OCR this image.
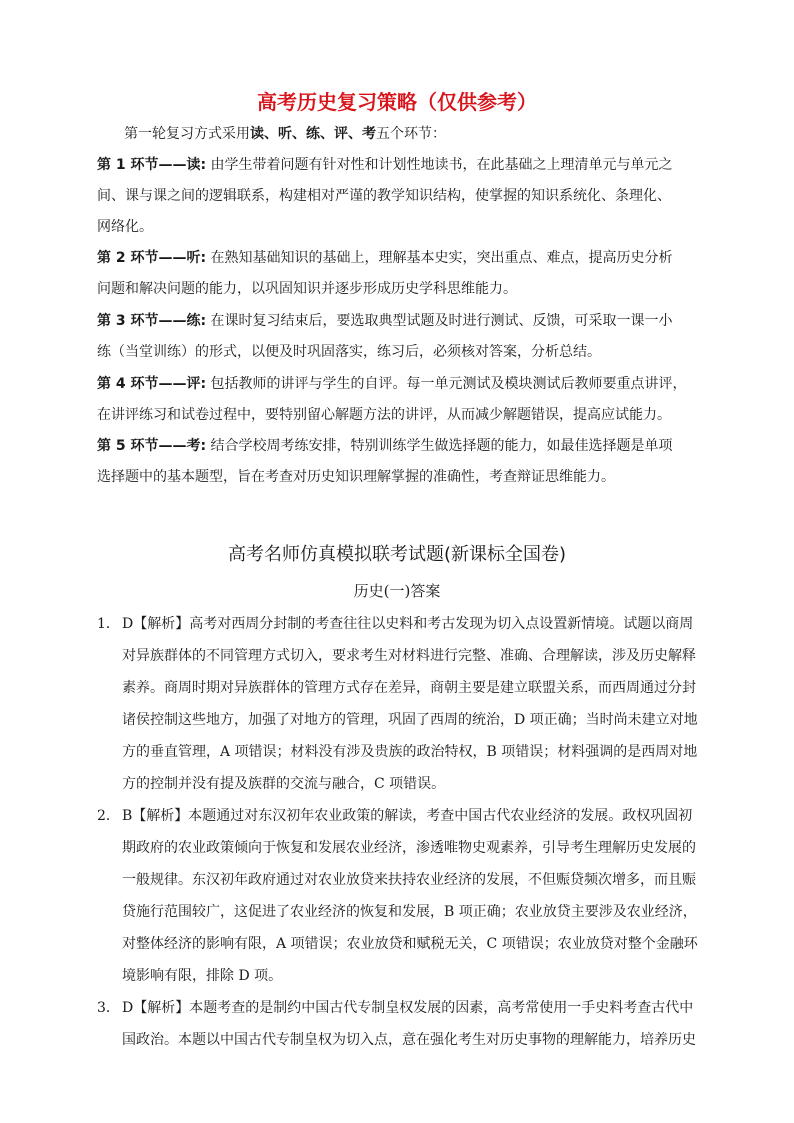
高考历史复习策略（仅供参考）
第一轮复习方式采用读、听、练、评、考五个环节：
第 1 环节——读: 由学生带着问题有针对性和计划性地读书，在此基础之上理清单元与单元之
间、课与课之间的逻辑联系，构建相对严谨的教学知识结构，使掌握的知识系统化、条理化、
网络化。
第 2 环节——听: 在熟知基础知识的基础上，理解基本史实，突出重点、难点，提高历史分析
问题和解决问题的能力，以巩固知识并逐步形成历史学科思维能力。
第 3 环节——练: 在课时复习结束后，要选取典型试题及时进行测试、反馈，可采取一课一小
练（当堂训练）的形式，以便及时巩固落实，练习后，必须核对答案，分析总结。
第 4 环节——评: 包括教师的讲评与学生的自评。每一单元测试及模块测试后教师要重点讲评，
在讲评练习和试卷过程中，要特别留心解题方法的讲评，从而减少解题错误，提高应试能力。
第 5 环节——考: 结合学校周考练安排，特别训练学生做选择题的能力，如最佳选择题是单项
选择题中的基本题型，旨在考查对历史知识理解掌握的准确性，考查辩证思维能力。
高考名师仿真模拟联考试题(新课标全国卷)
历史(一)答案
1． D【解析】高考对西周分封制的考查往往以史料和考古发现为切入点设置新情境。试题以商周
对异族群体的不同管理方式切入，要求考生对材料进行完整、准确、合理解读，涉及历史解释
素养。商周时期对异族群体的管理方式存在差异，商朝主要是建立联盟关系，而西周通过分封
诸侯控制这些地方，加强了对地方的管理，巩固了西周的统治，D 项正确；当时尚未建立对地
方的垂直管理，A 项错误；材料没有涉及贵族的政治特权，B 项错误；材料强调的是西周对地
方的控制并没有提及族群的交流与融合，C 项错误。
2． B【解析】本题通过对东汉初年农业政策的解读，考查中国古代农业经济的发展。政权巩固初
期政府的农业政策倾向于恢复和发展农业经济，渗透唯物史观素养，引导考生理解历史发展的
一般规律。东汉初年政府通过对农业放贷来扶持农业经济的发展，不但赈贷频次增多，而且赈
贷施行范围较广，这促进了农业经济的恢复和发展，B 项正确；农业放贷主要涉及农业经济，
对整体经济的影响有限，A 项错误；农业放贷和赋税无关，C 项错误；农业放贷对整个金融环
境影响有限，排除 D 项。
3． D【解析】本题考查的是制约中国古代专制皇权发展的因素，高考常使用一手史料考查古代中
国政治。本题以中国古代专制皇权为切入点，意在强化考生对历史事物的理解能力，培养历史
